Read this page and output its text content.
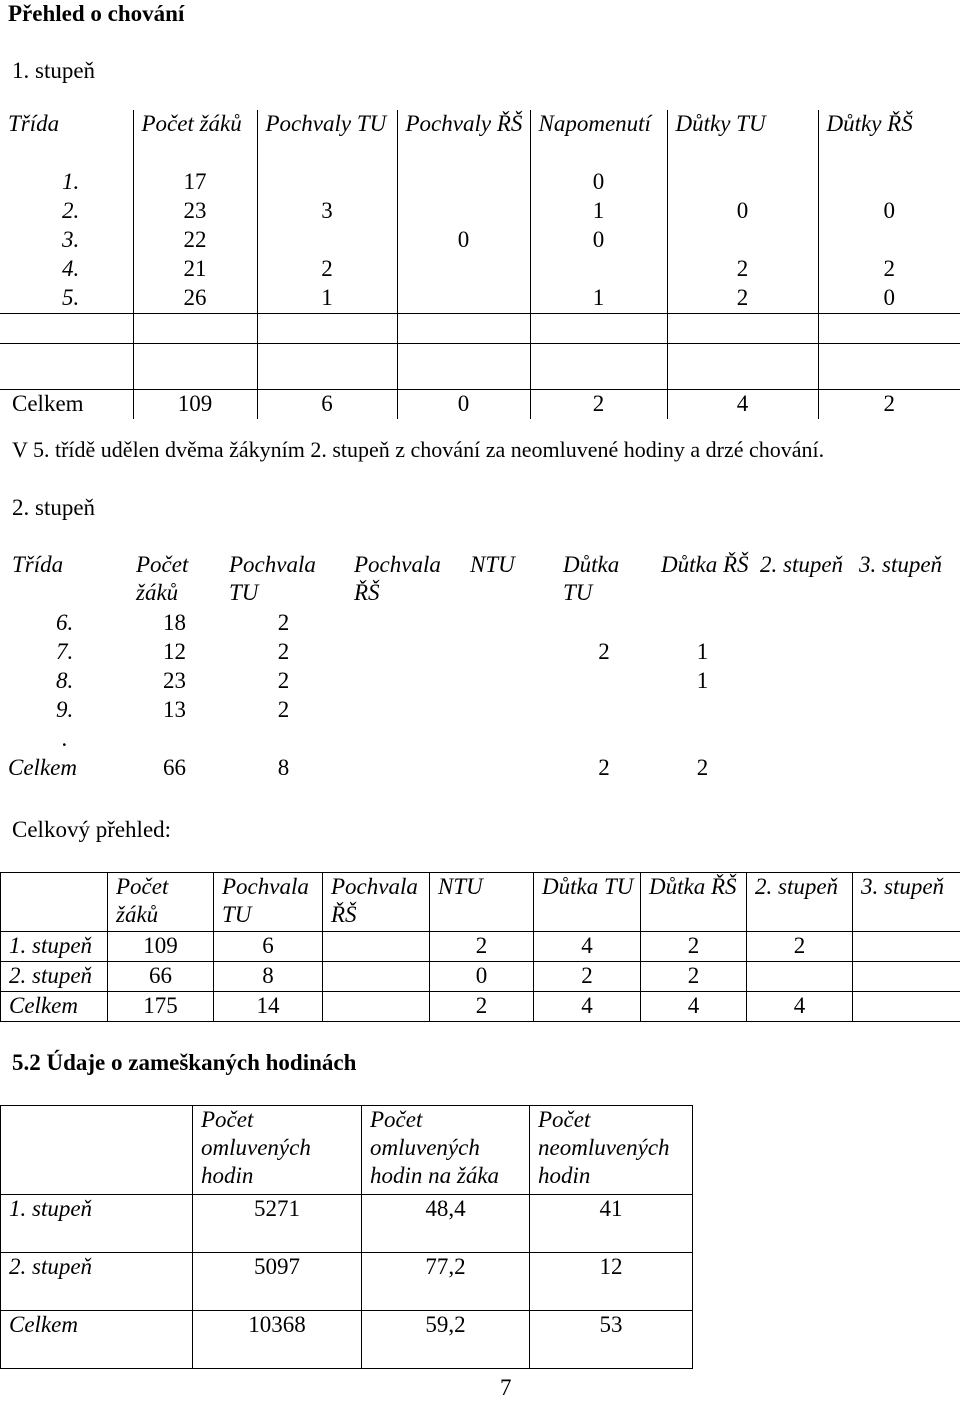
Přehled o chování
1. stupeň
Třída	Počet žáků	Pochvaly TU	Pochvaly ŘŠ	Napomenutí	Důtky TU	Důtky ŘŠ
1.	17			0		
2.	23	3		1	0	0
3.	22		0	0		
4.	21	2			2	2
5.	26	1		1	2	0

Celkem	109	6	0	2	4	2
V 5. třídě udělen dvěma žákyním 2. stupeň z chování za neomluvené hodiny a drzé chování.
2. stupeň
Třída	Počet žáků	Pochvala TU	Pochvala ŘŠ	NTU	Důtka TU	Důtka ŘŠ	2. stupeň	3. stupeň
6.	18	2						
7.	12	2			2	1		
8.	23	2				1		
9.	13	2						
.								
Celkem	66	8			2	2		
Celkový přehled:
	Počet žáků	Pochvala TU	Pochvala ŘŠ	NTU	Důtka TU	Důtka ŘŠ	2. stupeň	3. stupeň
1. stupeň	109	6		2	4	2	2	
2. stupeň	66	8		0	2	2		
Celkem	175	14		2	4	4	4	
5.2 Údaje o zameškaných hodinách
	Počet omluvených hodin	Počet omluvených hodin na žáka	Počet neomluvených hodin
1. stupeň	5271	48,4	41
2. stupeň	5097	77,2	12
Celkem	10368	59,2	53
7
